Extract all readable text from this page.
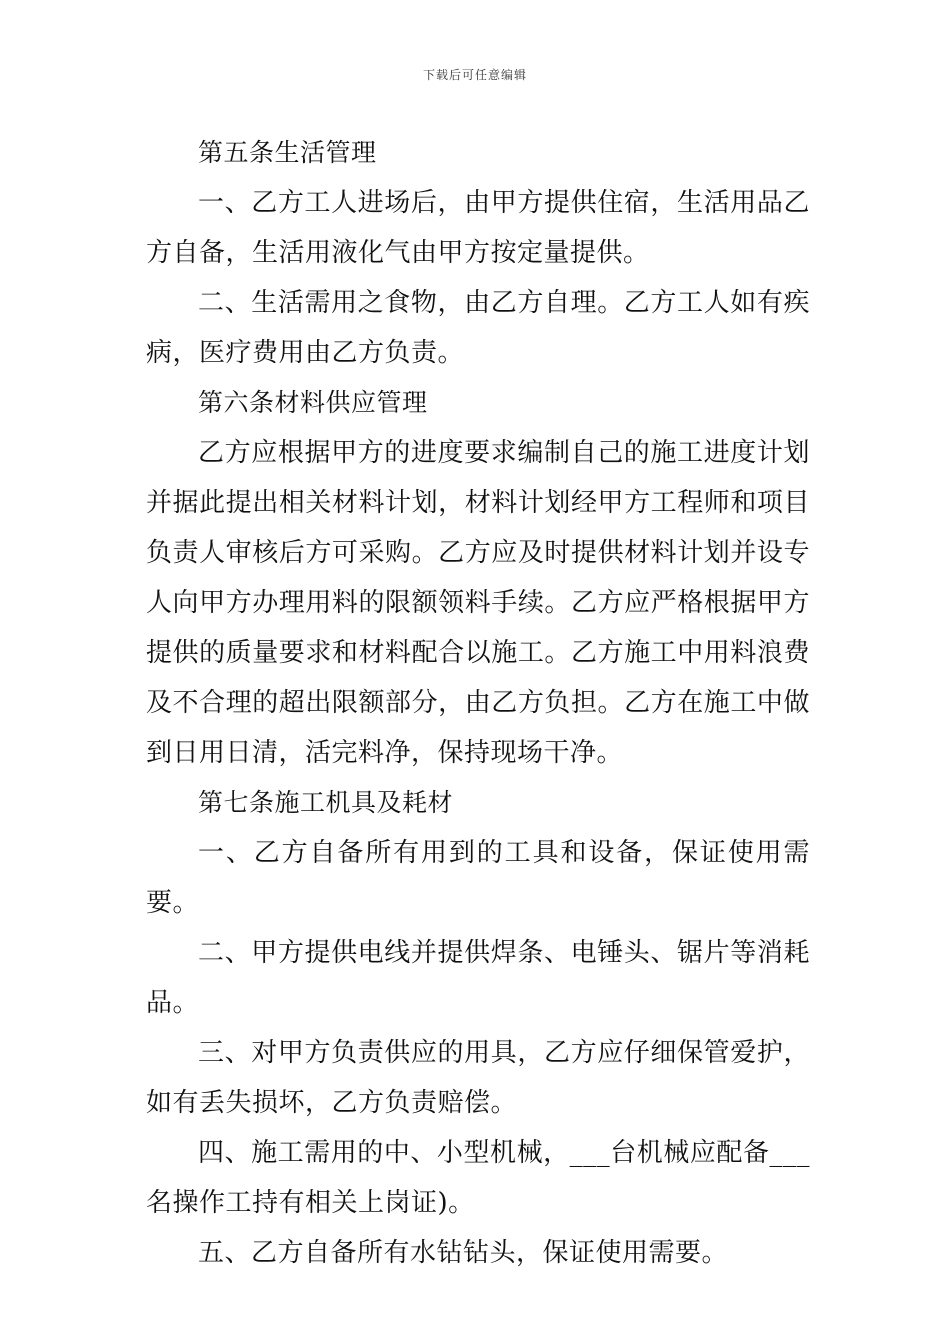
下载后可任意编辑

第五条生活管理

一、乙方工人进场后，由甲方提供住宿，生活用品乙方自备，生活用液化气由甲方按定量提供。

二、生活需用之食物，由乙方自理。乙方工人如有疾病，医疗费用由乙方负责。

第六条材料供应管理

乙方应根据甲方的进度要求编制自己的施工进度计划并据此提出相关材料计划，材料计划经甲方工程师和项目负责人审核后方可采购。乙方应及时提供材料计划并设专人向甲方办理用料的限额领料手续。乙方应严格根据甲方提供的质量要求和材料配合以施工。乙方施工中用料浪费及不合理的超出限额部分，由乙方负担。乙方在施工中做到日用日清，活完料净，保持现场干净。

第七条施工机具及耗材

一、乙方自备所有用到的工具和设备，保证使用需要。

二、甲方提供电线并提供焊条、电锤头、锯片等消耗品。

三、对甲方负责供应的用具，乙方应仔细保管爱护，如有丢失损坏，乙方负责赔偿。

四、施工需用的中、小型机械，___台机械应配备___名操作工持有相关上岗证)。

五、乙方自备所有水钻钻头，保证使用需要。
